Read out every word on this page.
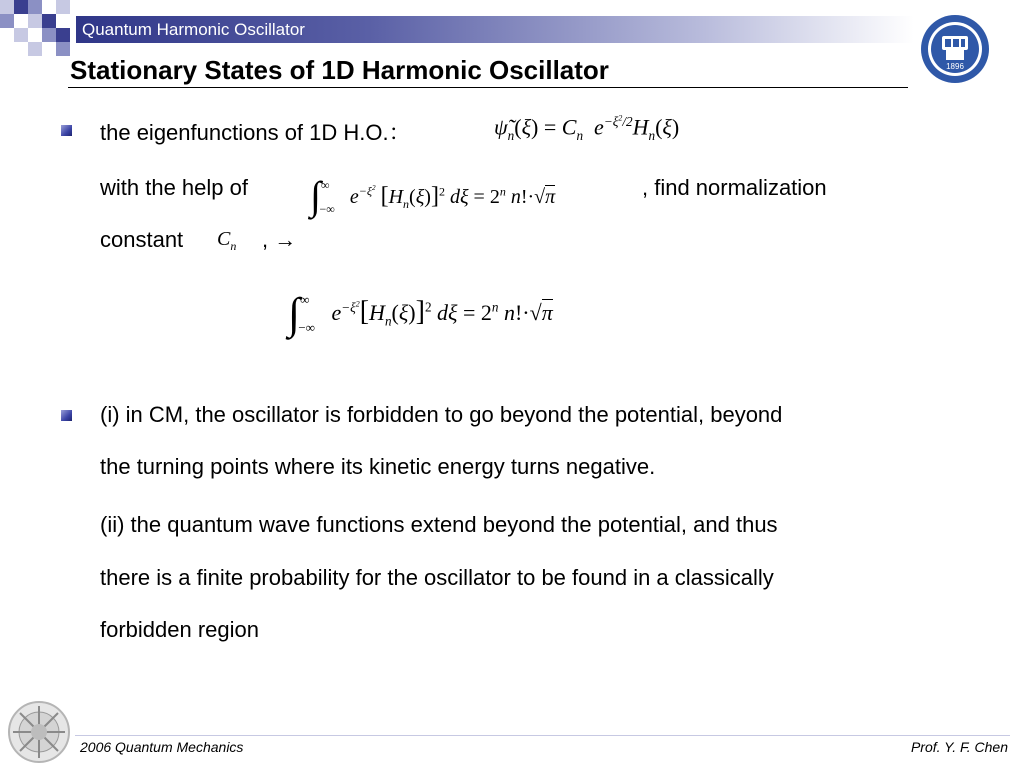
Quantum Harmonic Oscillator
1896
Stationary States of 1D Harmonic Oscillator
the eigenfunctions of 1D H.O.：	$\psĩ_n(\xi) = C_n$  $e^{-\xi^2/2}H_n(\xi)$
with the help of $\int^\infty_{-\infty}$ $e^{-\xi^2}$ $[H_n(\xi)]^2$ $d\xi = 2^n$ n!·√π	, find normalization
constant $C_n$ , →
$\int^\infty_{-\infty}$ $e^{-\xi^2}[H_n(\xi)]^2$ $d\xi = 2^n$ n!·√π
(i) in CM, the oscillator is forbidden to go beyond the potential, beyond
the turning points where its kinetic energy turns negative.
(ii) the quantum wave functions extend beyond the potential, and thus
there is a finite probability for the oscillator to be found in a classically
forbidden region
2006 Quantum Mechanics	Prof. Y. F. Chen
